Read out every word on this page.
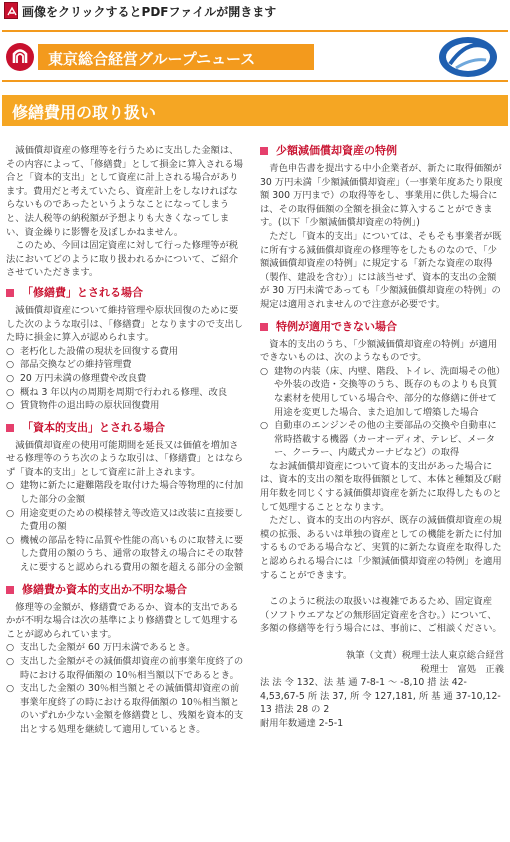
画像をクリックするとPDFファイルが開きます
東京総合経営グループニュース
修繕費用の取り扱い

減価償却資産の修理等を行うために支出した金額は、その内容によって、「修繕費」として損金に算入される場合と「資本的支出」として資産に計上される場合があります。費用だと考えていたら、資産計上をしなければならないものであったというようなことになってしまうと、法人税等の納税額が予想よりも大きくなってしまい、資金繰りに影響を及ぼしかねません。

このため、今回は固定資産に対して行った修理等が税法においてどのように取り扱われるかについて、ご紹介させていただきます。

「修繕費」とされる場合

減価償却資産について維持管理や原状回復のために要した次のような取引は、「修繕費」となりますので支出した時に損金に算入が認められます。

○ 老朽化した設備の現状を回復する費用
○ 部品交換などの維持管理費
○ 20 万円未満の修理費や改良費
○ 概ね 3 年以内の周期を周期で行われる修理、改良
○ 賃貸物件の退出時の原状回復費用
「資本的支出」とされる場合

減価償却資産の使用可能期間を延長又は価値を増加させる修理等のうち次のような取引は、「修繕費」とはならず「資本的支出」として資産に計上されます。

○ 建物に新たに避難階段を取付けた場合等物理的に付加した部分の金額
○ 用途変更のための模様替え等改造又は改装に直接要した費用の額
○ 機械の部品を特に品質や性能の高いものに取替えに要した費用の額のうち、通常の取替えの場合にその取替えに要すると認められる費用の額を超える部分の金額
修繕費か資本的支出か不明な場合

修理等の金額が、修繕費であるか、資本的支出であるかが不明な場合は次の基準により修繕費として処理することが認められています。

○ 支出した金額が 60 万円未満であるとき。
○ 支出した金額がその減価償却資産の前事業年度終了の時における取得価額の 10％相当額以下であるとき。
○ 支出した金額の 30％相当額とその減価償却資産の前事業年度終了の時における取得価額の 10％相当額とのいずれか少ない金額を修繕費とし、残額を資本的支出とする処理を継続して適用しているとき。
少額減価償却資産の特例

青色申告書を提出する中小企業者が、新たに取得価額が 30 万円未満「少額減価償却資産」（一事業年度あたり限度額 300 万円まで）の取得等をし、事業用に供した場合には、その取得価額の全額を損金に算入することができます。(以下「少額減価償却資産の特例」)

ただし「資本的支出」については、そもそも事業者が既に所有する減価償却資産の修理等をしたものなので、「少額減価償却資産の特例」に規定する「新たな資産の取得（製作、建設を含む）」には該当せず、資本的支出の金額が 30 万円未満であっても「少額減価償却資産の特例」の規定は適用されませんので注意が必要です。

特例が適用できない場合

資本的支出のうち、「少額減価償却資産の特例」が適用できないものは、次のようなものです。

○ 建物の内装（床、内壁、階段、トイレ、洗面場その他）や外装の改造・交換等のうち、既存のものよりも良質な素材を使用している場合や、部分的な修繕に併せて用途を変更した場合、また追加して増築した場合
○ 自動車のエンジンその他の主要部品の交換や自動車に常時搭載する機器（カーオーディオ、テレビ、メーター、クーラー、内蔵式カーナビなど）の取得

なお減価償却資産について資本的支出があった場合には、資本的支出の額を取得価額として、本体と種類及び耐用年数を同じくする減価償却資産を新たに取得したものとして処理することとなります。

ただし、資本的支出の内容が、既存の減価償却資産の規模の拡張、あるいは単独の資産としての機能を新たに付加するものである場合など、実質的に新たな資産を取得したと認められる場合には「少額減価償却資産の特例」を適用することができます。

このように税法の取扱いは複雑であるため、固定資産（ソフトウエアなどの無形固定資産を含む。）について、多額の修繕等を行う場合には、事前に、ご相談ください。

執筆（文責）税理士法人東京総合経営
税理士　富処　正義
法 法 令 132、法 基 通 7-8-1 ～ -8,10 措 法 42-4,53,67-5 所 法 37, 所 令 127,181, 所 基 通 37-10,12-13 措法 28 の 2
耐用年数通達 2-5-1
